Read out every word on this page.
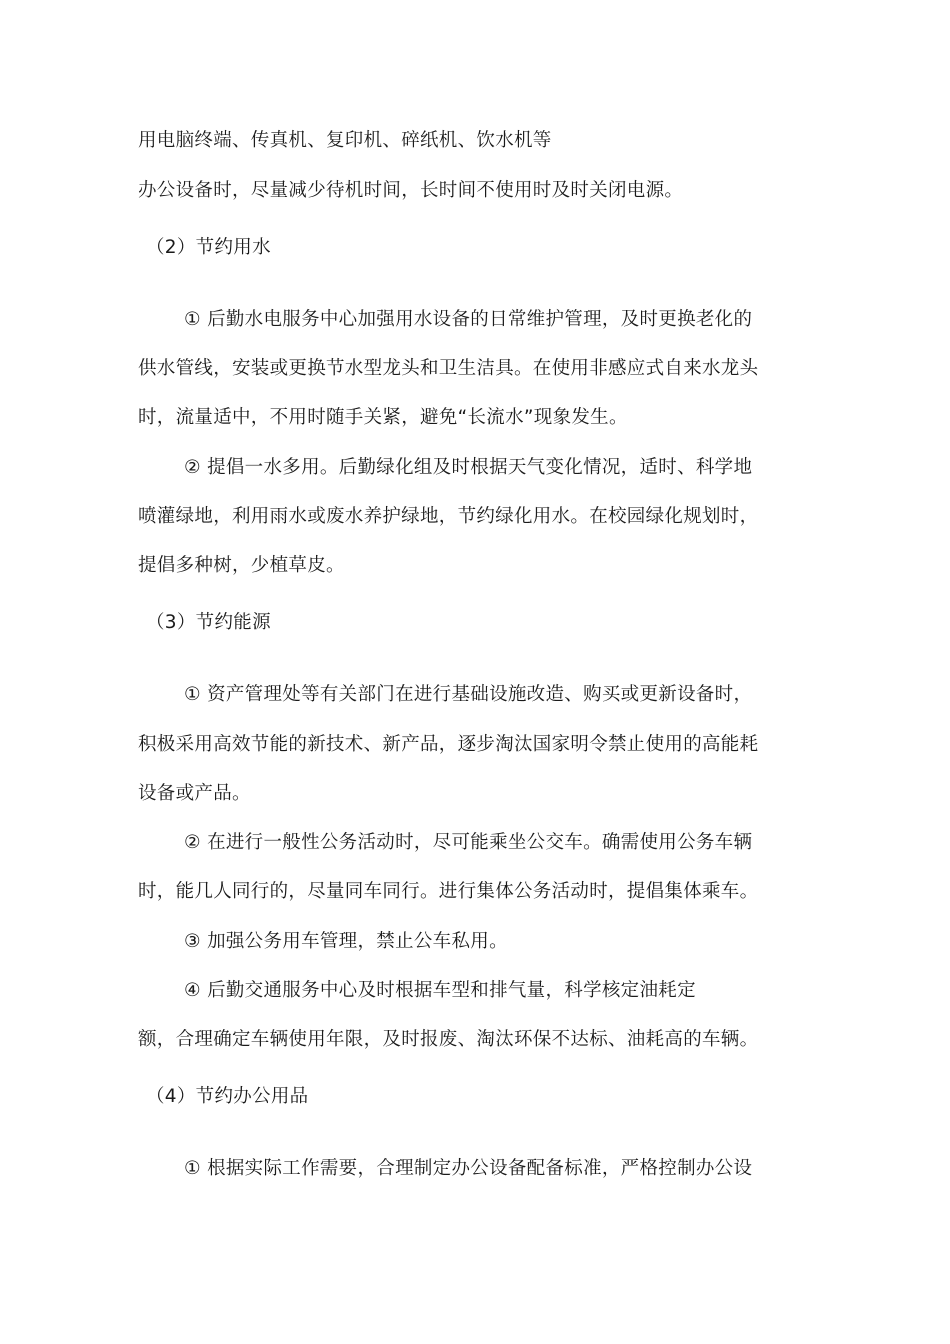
用电脑终端、传真机、复印机、碎纸机、饮水机等
办公设备时，尽量减少待机时间，长时间不使用时及时关闭电源。
（2）节约用水
① 后勤水电服务中心加强用水设备的日常维护管理，及时更换老化的
供水管线，安装或更换节水型龙头和卫生洁具。在使用非感应式自来水龙头
时，流量适中，不用时随手关紧，避免“长流水”现象发生。
② 提倡一水多用。后勤绿化组及时根据天气变化情况，适时、科学地
喷灌绿地，利用雨水或废水养护绿地，节约绿化用水。在校园绿化规划时，
提倡多种树，少植草皮。
（3）节约能源
① 资产管理处等有关部门在进行基础设施改造、购买或更新设备时，
积极采用高效节能的新技术、新产品，逐步淘汰国家明令禁止使用的高能耗
设备或产品。
② 在进行一般性公务活动时，尽可能乘坐公交车。确需使用公务车辆
时，能几人同行的，尽量同车同行。进行集体公务活动时，提倡集体乘车。
③ 加强公务用车管理，禁止公车私用。
④ 后勤交通服务中心及时根据车型和排气量，科学核定油耗定
额，合理确定车辆使用年限，及时报废、淘汰环保不达标、油耗高的车辆。
（4）节约办公用品
① 根据实际工作需要，合理制定办公设备配备标准，严格控制办公设
